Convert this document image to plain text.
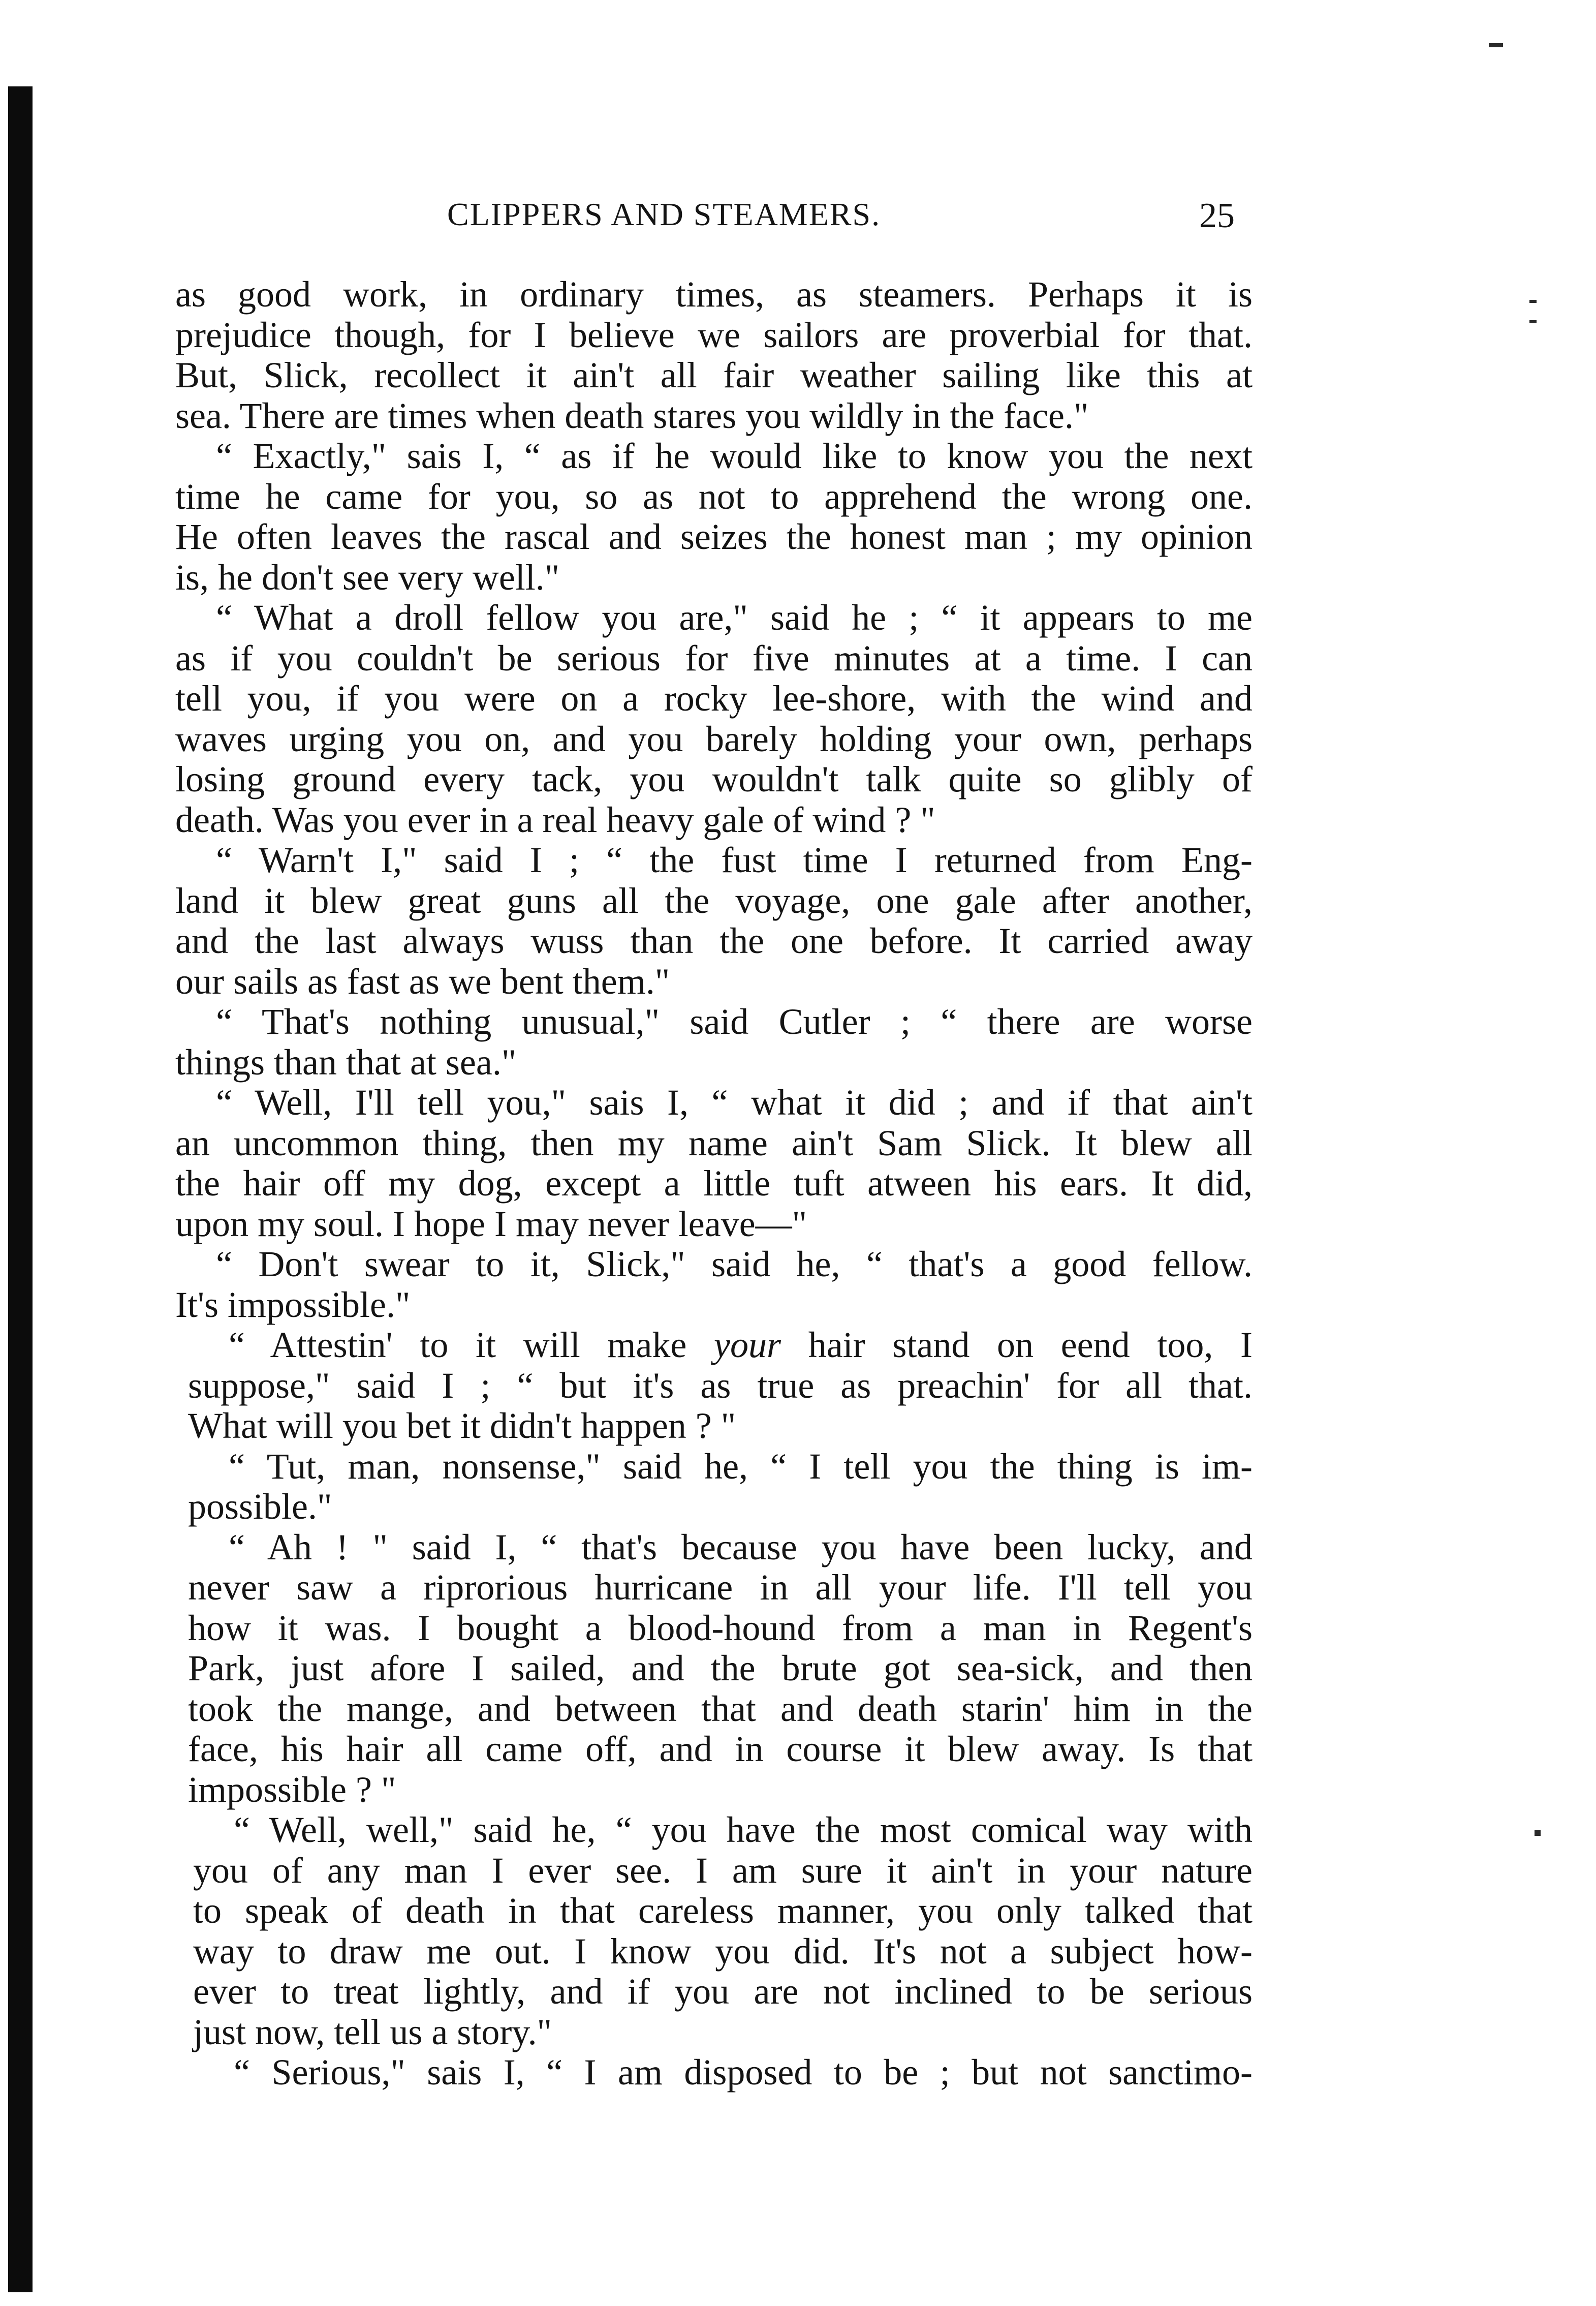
CLIPPERS AND STEAMERS.	25
as good work, in ordinary times, as steamers. Perhaps it is
prejudice though, for I believe we sailors are proverbial for that.
But, Slick, recollect it ain't all fair weather sailing like this at
sea. There are times when death stares you wildly in the face."
“ Exactly," sais I, “ as if he would like to know you the next
time he came for you, so as not to apprehend the wrong one.
He often leaves the rascal and seizes the honest man ; my opinion
is, he don't see very well."
“ What a droll fellow you are," said he ; “ it appears to me
as if you couldn't be serious for five minutes at a time. I can
tell you, if you were on a rocky lee-shore, with the wind and
waves urging you on, and you barely holding your own, perhaps
losing ground every tack, you wouldn't talk quite so glibly of
death. Was you ever in a real heavy gale of wind ? "
“ Warn't I," said I ; “ the fust time I returned from Eng-
land it blew great guns all the voyage, one gale after another,
and the last always wuss than the one before. It carried away
our sails as fast as we bent them."
“ That's nothing unusual," said Cutler ; “ there are worse
things than that at sea."
“ Well, I'll tell you," sais I, “ what it did ; and if that ain't
an uncommon thing, then my name ain't Sam Slick. It blew all
the hair off my dog, except a little tuft atween his ears. It did,
upon my soul. I hope I may never leave—"
“ Don't swear to it, Slick," said he, “ that's a good fellow.
It's impossible."
“ Attestin' to it will make your hair stand on eend too, I
suppose," said I ; “ but it's as true as preachin' for all that.
What will you bet it didn't happen ? "
“ Tut, man, nonsense," said he, “ I tell you the thing is im-
possible."
“ Ah ! " said I, “ that's because you have been lucky, and
never saw a riprorious hurricane in all your life. I'll tell you
how it was. I bought a blood-hound from a man in Regent's
Park, just afore I sailed, and the brute got sea-sick, and then
took the mange, and between that and death starin' him in the
face, his hair all came off, and in course it blew away. Is that
impossible ? "
“ Well, well," said he, “ you have the most comical way with
you of any man I ever see. I am sure it ain't in your nature
to speak of death in that careless manner, you only talked that
way to draw me out. I know you did. It's not a subject how-
ever to treat lightly, and if you are not inclined to be serious
just now, tell us a story."
“ Serious," sais I, “ I am disposed to be ; but not sanctimo-
